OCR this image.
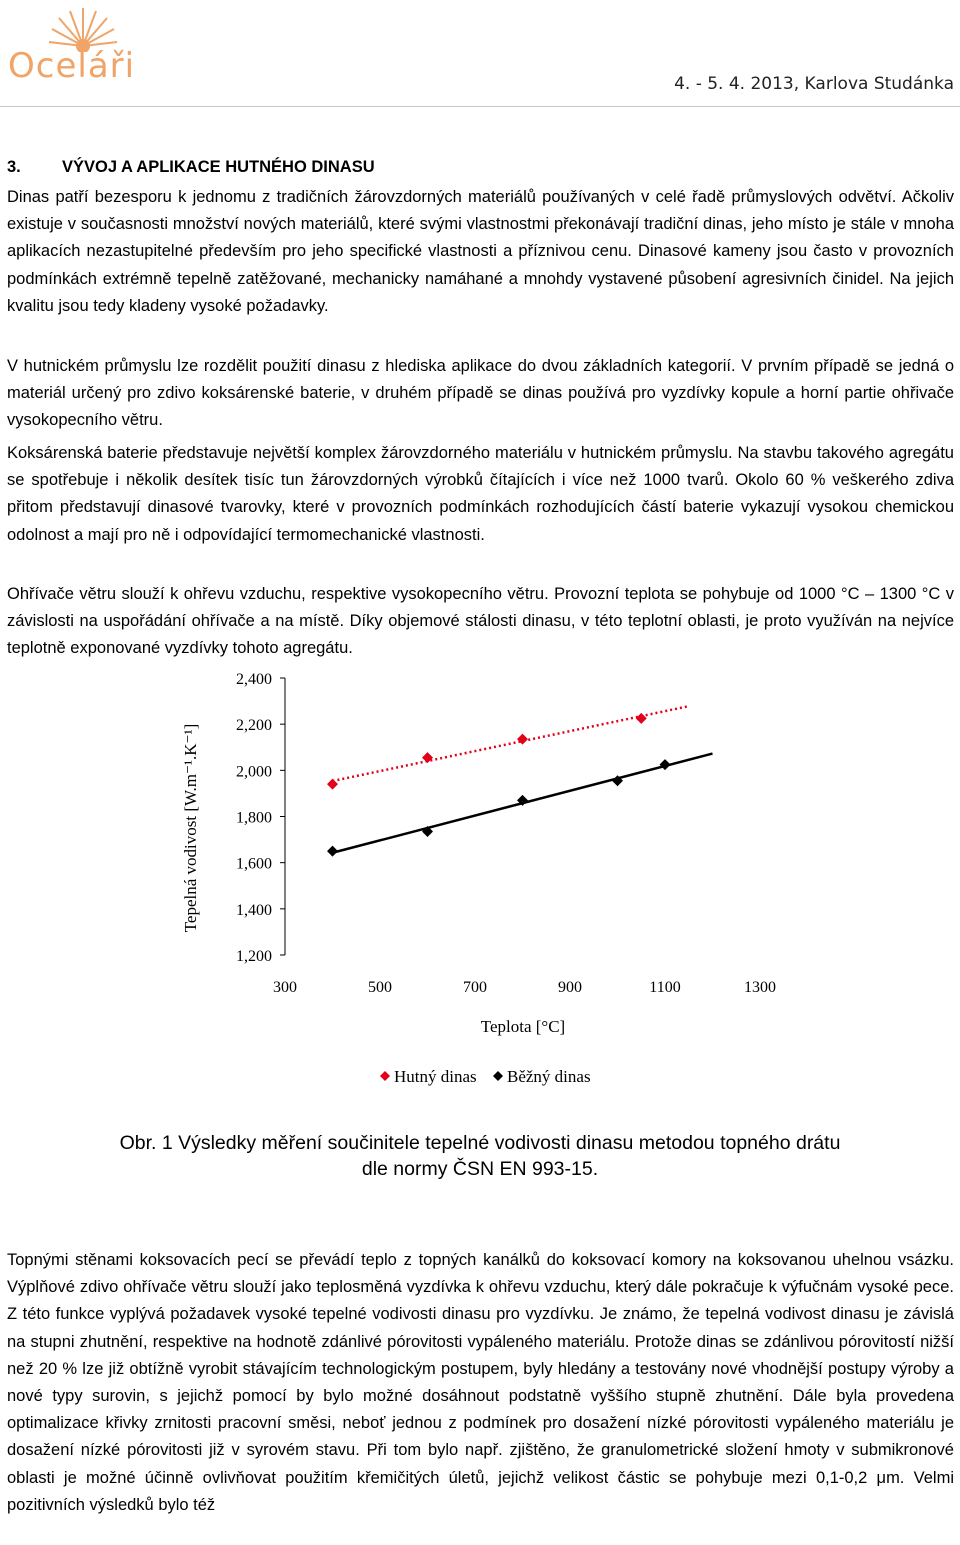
Oceláři	4. - 5. 4. 2013, Karlova Studánka
3. VÝVOJ A APLIKACE HUTNÉHO DINASU

Dinas patří bezesporu k jednomu z tradičních žárovzdorných materiálů používaných v celé řadě průmyslových odvětví. Ačkoliv existuje v současnosti množství nových materiálů, které svými vlastnostmi překonávají tradiční dinas, jeho místo je stále v mnoha aplikacích nezastupitelné především pro jeho specifické vlastnosti a příznivou cenu. Dinasové kameny jsou často v provozních podmínkách extrémně tepelně zatěžované, mechanicky namáhané a mnohdy vystavené působení agresivních činidel. Na jejich kvalitu jsou tedy kladeny vysoké požadavky.

V hutnickém průmyslu lze rozdělit použití dinasu z hlediska aplikace do dvou základních kategorií. V prvním případě se jedná o materiál určený pro zdivo koksárenské baterie, v druhém případě se dinas používá pro vyzdívky kopule a horní partie ohřivače vysokopecního větru.

Koksárenská baterie představuje největší komplex žárovzdorného materiálu v hutnickém průmyslu. Na stavbu takového agregátu se spotřebuje i několik desítek tisíc tun žárovzdorných výrobků čítajících i více než 1000 tvarů. Okolo 60 % veškerého zdiva přitom představují dinasové tvarovky, které v provozních podmínkách rozhodujících částí baterie vykazují vysokou chemickou odolnost a mají pro ně i odpovídající termomechanické vlastnosti.

Ohřívače větru slouží k ohřevu vzduchu, respektive vysokopecního větru. Provozní teplota se pohybuje od 1000 °C – 1300 °C v závislosti na uspořádání ohřívače a na místě. Díky objemové stálosti dinasu, v této teplotní oblasti, je proto využíván na nejvíce teplotně exponované vyzdívky tohoto agregátu.

1,200
1,400
1,600
1,800
2,000
2,200
2,400
300	500	700	900	1100	1300
Tepelná vodivost [W.m⁻¹.K⁻¹]
Teplota [°C]
Hutný dinas Běžný dinas
Obr. 1 Výsledky měření součinitele tepelné vodivosti dinasu metodou topného drátu
dle normy ČSN EN 993-15.

Topnými stěnami koksovacích pecí se převádí teplo z topných kanálků do koksovací komory na koksovanou uhelnou vsázku. Výplňové zdivo ohřívače větru slouží jako teplosměná vyzdívka k ohřevu vzduchu, který dále pokračuje k výfučnám vysoké pece. Z této funkce vyplývá požadavek vysoké tepelné vodivosti dinasu pro vyzdívku. Je známo, že tepelná vodivost dinasu je závislá na stupni zhutnění, respektive na hodnotě zdánlivé pórovitosti vypáleného materiálu. Protože dinas se zdánlivou pórovitostí nižší než 20 % lze již obtížně vyrobit stávajícím technologickým postupem, byly hledány a testovány nové vhodnější postupy výroby a nové typy surovin, s jejichž pomocí by bylo možné dosáhnout podstatně vyššího stupně zhutnění. Dále byla provedena optimalizace křivky zrnitosti pracovní směsi, neboť jednou z podmínek pro dosažení nízké pórovitosti vypáleného materiálu je dosažení nízké pórovitosti již v syrovém stavu. Při tom bylo např. zjištěno, že granulometrické složení hmoty v submikronové oblasti je možné účinně ovlivňovat použitím křemičitých úletů, jejichž velikost částic se pohybuje mezi 0,1-0,2 μm. Velmi pozitivních výsledků bylo též
